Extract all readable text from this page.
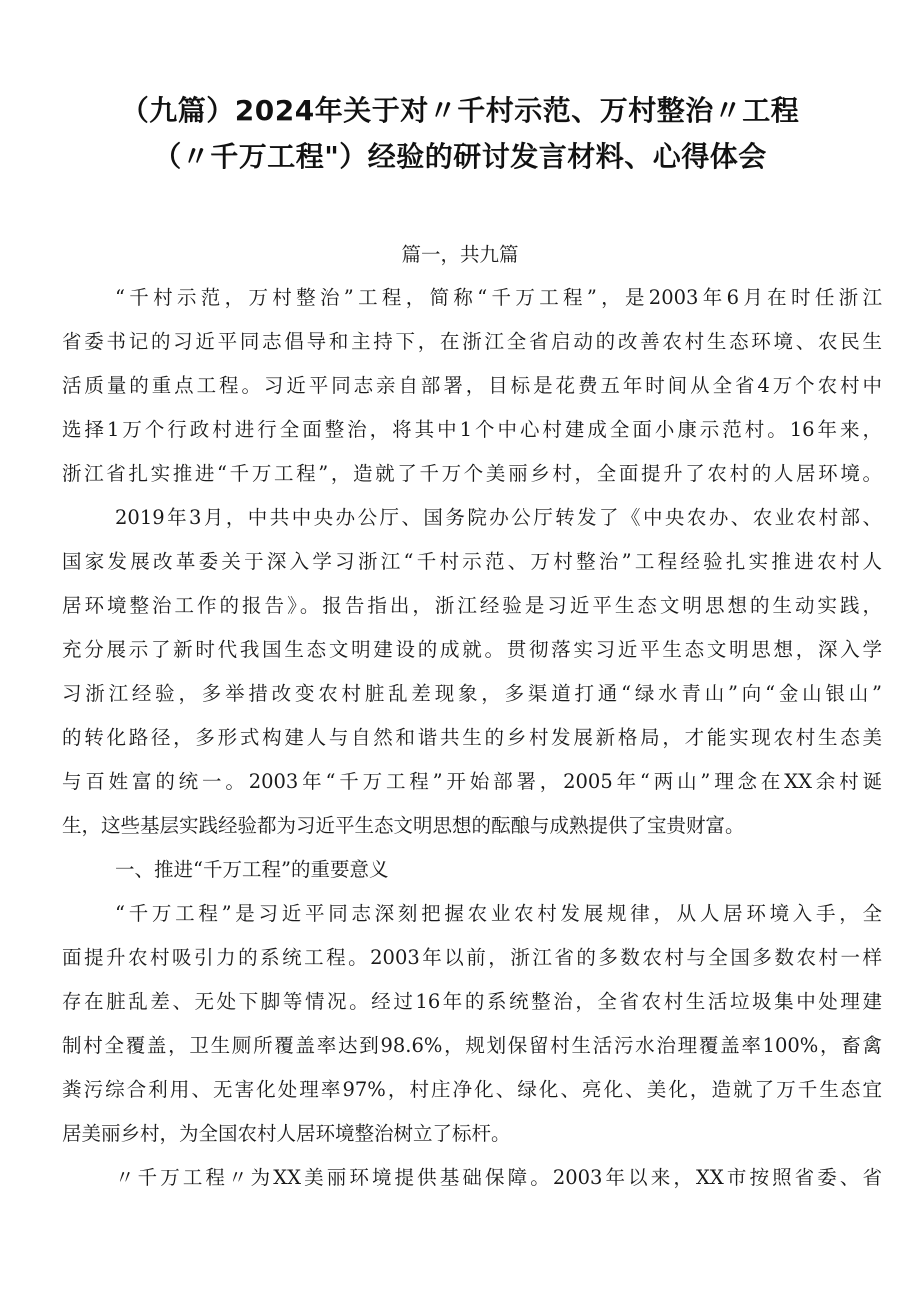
（九篇）2024年关于对〃千村示范、万村整治〃工程
（〃千万工程"）经验的研讨发言材料、心得体会
篇一，共九篇
“千村示范，万村整治”工程，简称“千万工程”，是2003年6月在时任浙江
省委书记的习近平同志倡导和主持下，在浙江全省启动的改善农村生态环境、农民生
活质量的重点工程。习近平同志亲自部署，目标是花费五年时间从全省4万个农村中
选择1万个行政村进行全面整治，将其中1个中心村建成全面小康示范村。16年来，
浙江省扎实推进“千万工程”，造就了千万个美丽乡村，全面提升了农村的人居环境。
2019年3月，中共中央办公厅、国务院办公厅转发了《中央农办、农业农村部、
国家发展改革委关于深入学习浙江“千村示范、万村整治”工程经验扎实推进农村人
居环境整治工作的报告》。报告指出，浙江经验是习近平生态文明思想的生动实践，
充分展示了新时代我国生态文明建设的成就。贯彻落实习近平生态文明思想，深入学
习浙江经验，多举措改变农村脏乱差现象，多渠道打通“绿水青山”向“金山银山”
的转化路径，多形式构建人与自然和谐共生的乡村发展新格局，才能实现农村生态美
与百姓富的统一。2003年“千万工程”开始部署，2005年“两山”理念在XX余村诞
生，这些基层实践经验都为习近平生态文明思想的酝酿与成熟提供了宝贵财富。
一、推进“千万工程”的重要意义
“千万工程”是习近平同志深刻把握农业农村发展规律，从人居环境入手，全
面提升农村吸引力的系统工程。2003年以前，浙江省的多数农村与全国多数农村一样
存在脏乱差、无处下脚等情况。经过16年的系统整治，全省农村生活垃圾集中处理建
制村全覆盖，卫生厕所覆盖率达到98.6%，规划保留村生活污水治理覆盖率100%，畜禽
粪污综合利用、无害化处理率97%，村庄净化、绿化、亮化、美化，造就了万千生态宜
居美丽乡村，为全国农村人居环境整治树立了标杆。
〃千万工程〃为XX美丽环境提供基础保障。2003年以来，XX市按照省委、省
